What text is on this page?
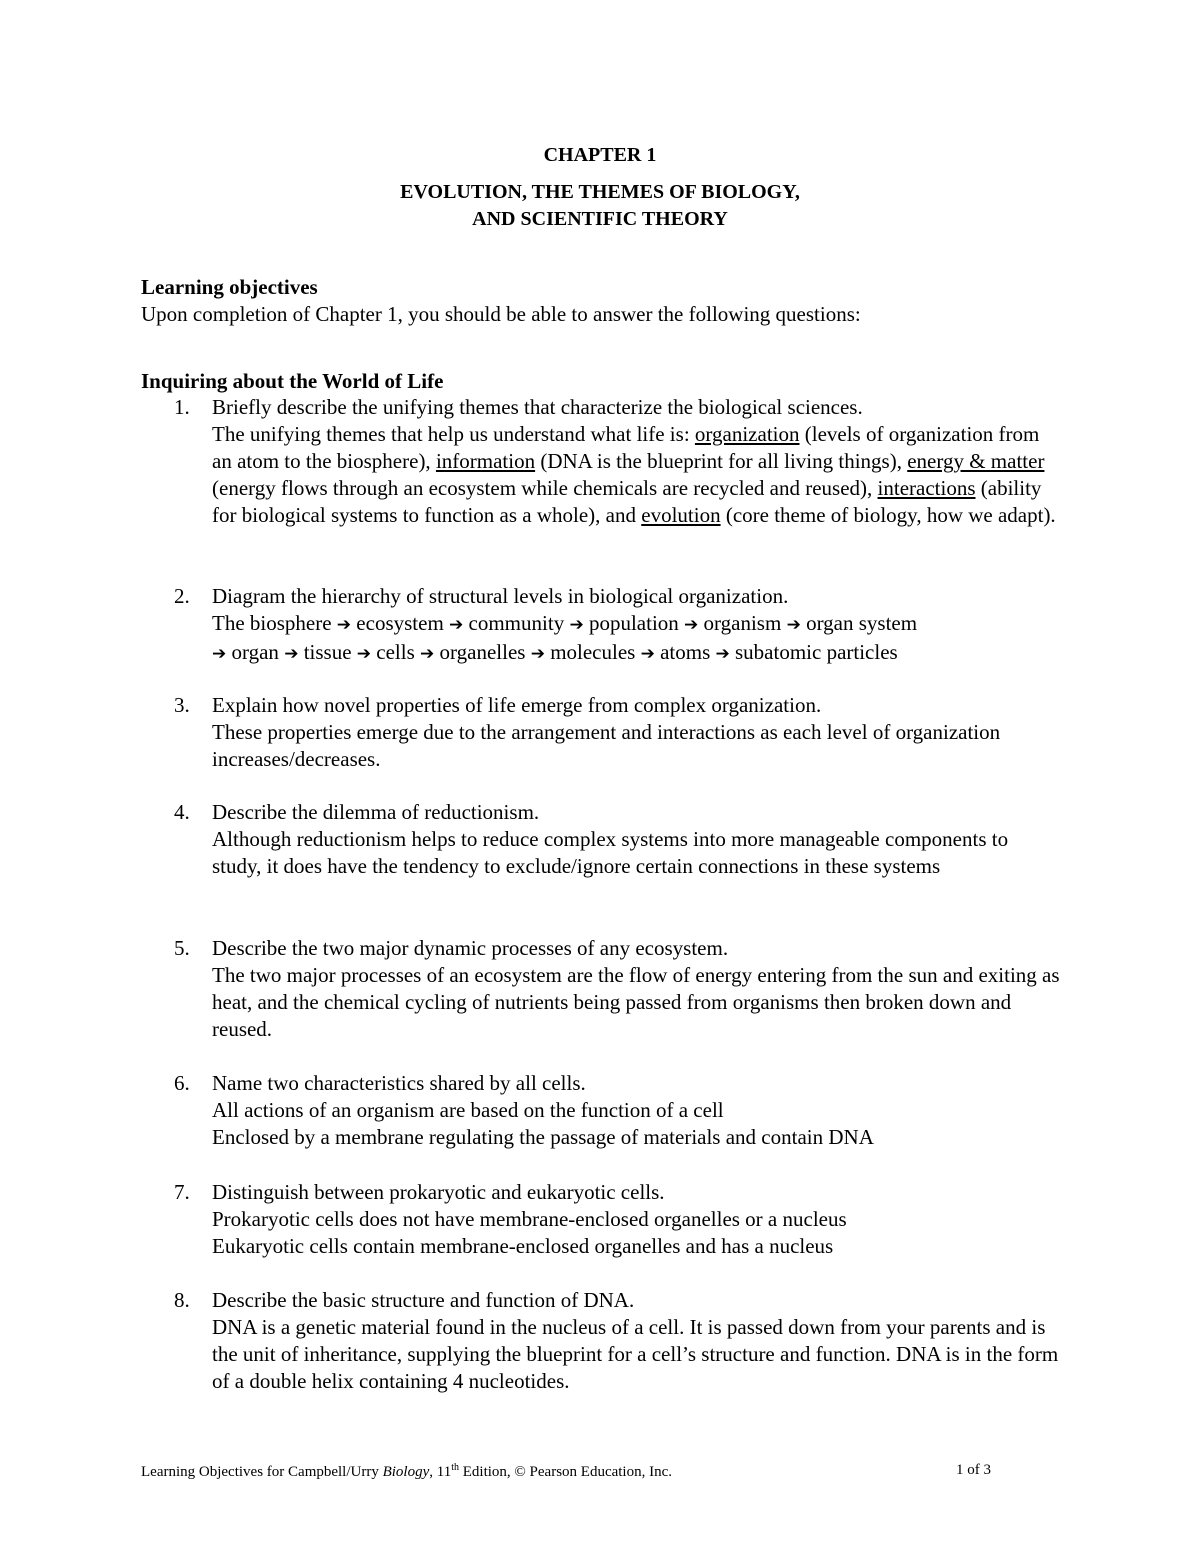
CHAPTER 1
EVOLUTION, THE THEMES OF BIOLOGY,
AND SCIENTIFIC THEORY
Learning objectives
Upon completion of Chapter 1, you should be able to answer the following questions:
Inquiring about the World of Life
1.	Briefly describe the unifying themes that characterize the biological sciences.
The unifying themes that help us understand what life is: organization (levels of organization from an atom to the biosphere), information (DNA is the blueprint for all living things), energy & matter (energy flows through an ecosystem while chemicals are recycled and reused), interactions (ability for biological systems to function as a whole), and evolution (core theme of biology, how we adapt).
2.	Diagram the hierarchy of structural levels in biological organization.
The biosphere ➔ ecosystem ➔ community ➔ population ➔ organism ➔ organ system
➔ organ ➔ tissue ➔ cells ➔ organelles ➔ molecules ➔ atoms ➔ subatomic particles
3.	Explain how novel properties of life emerge from complex organization.
These properties emerge due to the arrangement and interactions as each level of organization increases/decreases.
4.	Describe the dilemma of reductionism.
Although reductionism helps to reduce complex systems into more manageable components to study, it does have the tendency to exclude/ignore certain connections in these systems
5.	Describe the two major dynamic processes of any ecosystem.
The two major processes of an ecosystem are the flow of energy entering from the sun and exiting as heat, and the chemical cycling of nutrients being passed from organisms then broken down and reused.
6.	Name two characteristics shared by all cells.
All actions of an organism are based on the function of a cell
Enclosed by a membrane regulating the passage of materials and contain DNA
7.	Distinguish between prokaryotic and eukaryotic cells.
Prokaryotic cells does not have membrane-enclosed organelles or a nucleus
Eukaryotic cells contain membrane-enclosed organelles and has a nucleus
8.	Describe the basic structure and function of DNA.
DNA is a genetic material found in the nucleus of a cell. It is passed down from your parents and is the unit of inheritance, supplying the blueprint for a cell’s structure and function. DNA is in the form of a double helix containing 4 nucleotides.
Learning Objectives for Campbell/Urry Biology, 11th Edition, © Pearson Education, Inc.	1 of 3
